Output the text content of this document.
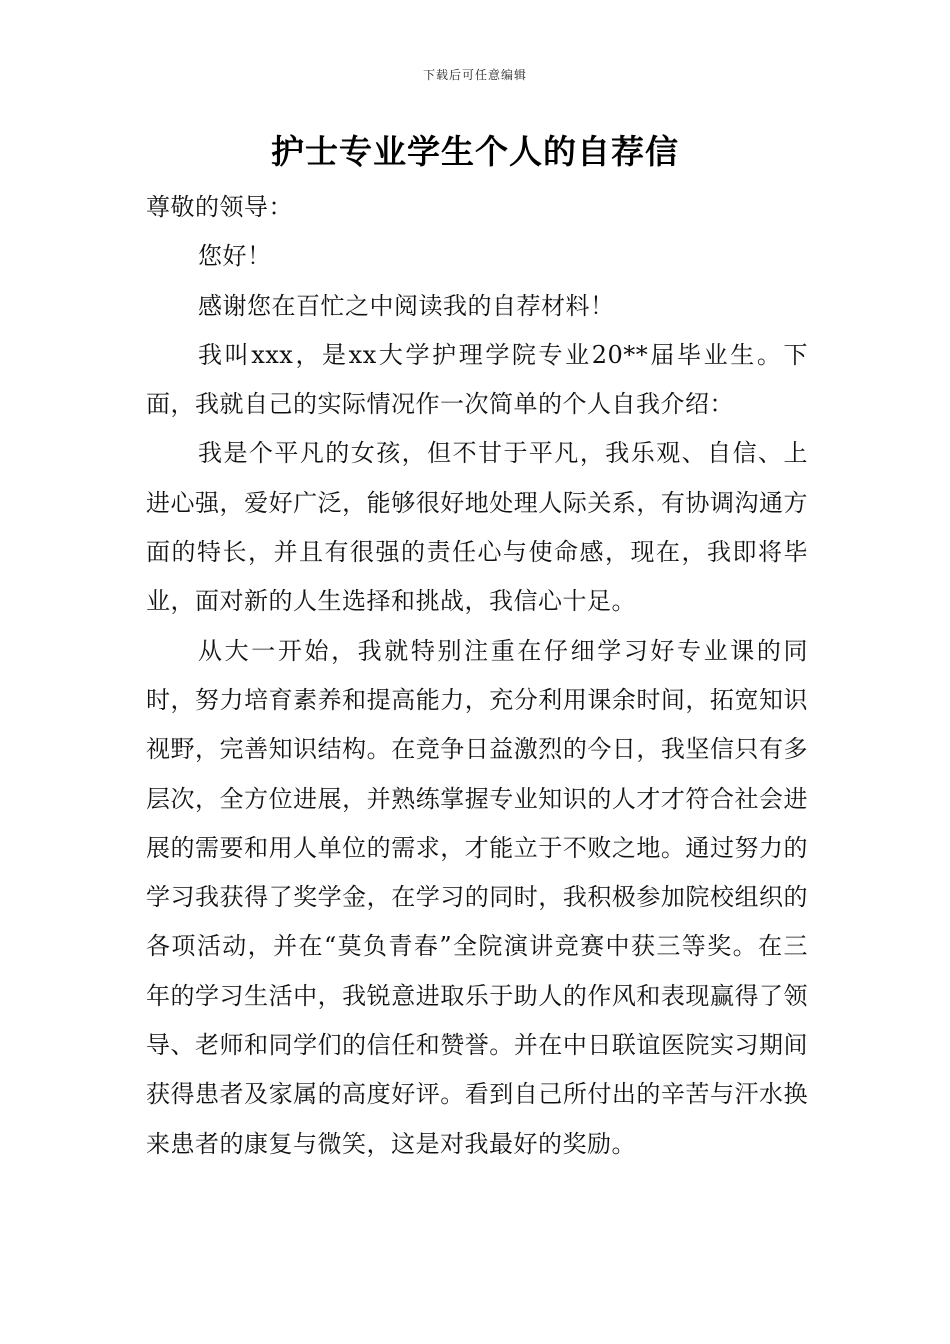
下载后可任意编辑
护士专业学生个人的自荐信

尊敬的领导：

您好！

感谢您在百忙之中阅读我的自荐材料！

我叫xxx，是xx大学护理学院专业20**届毕业生。下面，我就自己的实际情况作一次简单的个人自我介绍：

我是个平凡的女孩，但不甘于平凡，我乐观、自信、上进心强，爱好广泛，能够很好地处理人际关系，有协调沟通方面的特长，并且有很强的责任心与使命感，现在，我即将毕业，面对新的人生选择和挑战，我信心十足。

从大一开始，我就特别注重在仔细学习好专业课的同时，努力培育素养和提高能力，充分利用课余时间，拓宽知识视野，完善知识结构。在竞争日益激烈的今日，我坚信只有多层次，全方位进展，并熟练掌握专业知识的人才才符合社会进展的需要和用人单位的需求，才能立于不败之地。通过努力的学习我获得了奖学金，在学习的同时，我积极参加院校组织的各项活动，并在“莫负青春”全院演讲竞赛中获三等奖。在三年的学习生活中，我锐意进取乐于助人的作风和表现赢得了领导、老师和同学们的信任和赞誉。并在中日联谊医院实习期间获得患者及家属的高度好评。看到自己所付出的辛苦与汗水换来患者的康复与微笑，这是对我最好的奖励。
